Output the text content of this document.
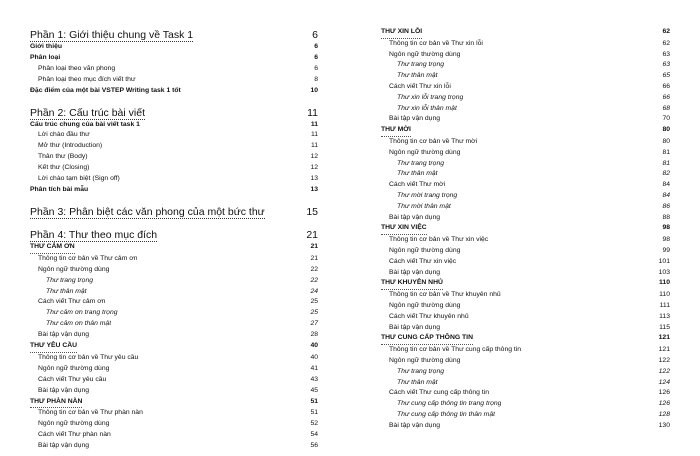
Phần 1: Giới thiệu chung về Task 1	6
Giới thiệu	6
Phân loại	6
Phân loại theo văn phong	6
Phân loại theo mục đích viết thư	8
Đặc điểm của một bài VSTEP Writing task 1 tốt	10
Phần 2: Cấu trúc bài viết	11
Cấu trúc chung của bài viết task 1	11
Lời chào đầu thư	11
Mở thư (Introduction)	11
Thân thư (Body)	12
Kết thư (Closing)	12
Lời chào tạm biệt (Sign off)	13
Phân tích bài mẫu	13
Phần 3: Phân biệt các văn phong của một bức thư	15
Phần 4: Thư theo mục đích	21
THƯ CẢM ƠN	21
Thông tin cơ bản về Thư cảm ơn	21
Ngôn ngữ thường dùng	22
Thư trang trọng	22
Thư thân mật	24
Cách viết Thư cảm ơn	25
Thư cảm ơn trang trọng	25
Thư cảm ơn thân mật	27
Bài tập vận dụng	28
THƯ YÊU CẦU	40
Thông tin cơ bản về Thư yêu cầu	40
Ngôn ngữ thường dùng	41
Cách viết Thư yêu cầu	43
Bài tập vận dụng	45
THƯ PHÀN NÀN	51
Thông tin cơ bản về Thư phàn nàn	51
Ngôn ngữ thường dùng	52
Cách viết Thư phàn nàn	54
Bài tập vận dụng	56
THƯ XIN LỖI	62
Thông tin cơ bản về Thư xin lỗi	62
Ngôn ngữ thường dùng	63
Thư trang trọng	63
Thư thân mật	65
Cách viết Thư xin lỗi	66
Thư xin lỗi trang trọng	66
Thư xin lỗi thân mật	68
Bài tập vận dụng	70
THƯ MỜI	80
Thông tin cơ bản về Thư mời	80
Ngôn ngữ thường dùng	81
Thư trang trọng	81
Thư thân mật	82
Cách viết Thư mời	84
Thư mời trang trọng	84
Thư mời thân mật	86
Bài tập vận dụng	88
THƯ XIN VIỆC	98
Thông tin cơ bản về Thư xin việc	98
Ngôn ngữ thường dùng	99
Cách viết Thư xin việc	101
Bài tập vận dụng	103
THƯ KHUYÊN NHỦ	110
Thông tin cơ bản về Thư khuyên nhủ	110
Ngôn ngữ thường dùng	111
Cách viết Thư khuyên nhủ	113
Bài tập vận dụng	115
THƯ CUNG CẤP THÔNG TIN	121
Thông tin cơ bản về Thư cung cấp thông tin	121
Ngôn ngữ thường dùng	122
Thư trang trọng	122
Thư thân mật	124
Cách viết Thư cung cấp thông tin	126
Thư cung cấp thông tin trang trọng	126
Thư cung cấp thông tin thân mật	128
Bài tập vận dụng	130
